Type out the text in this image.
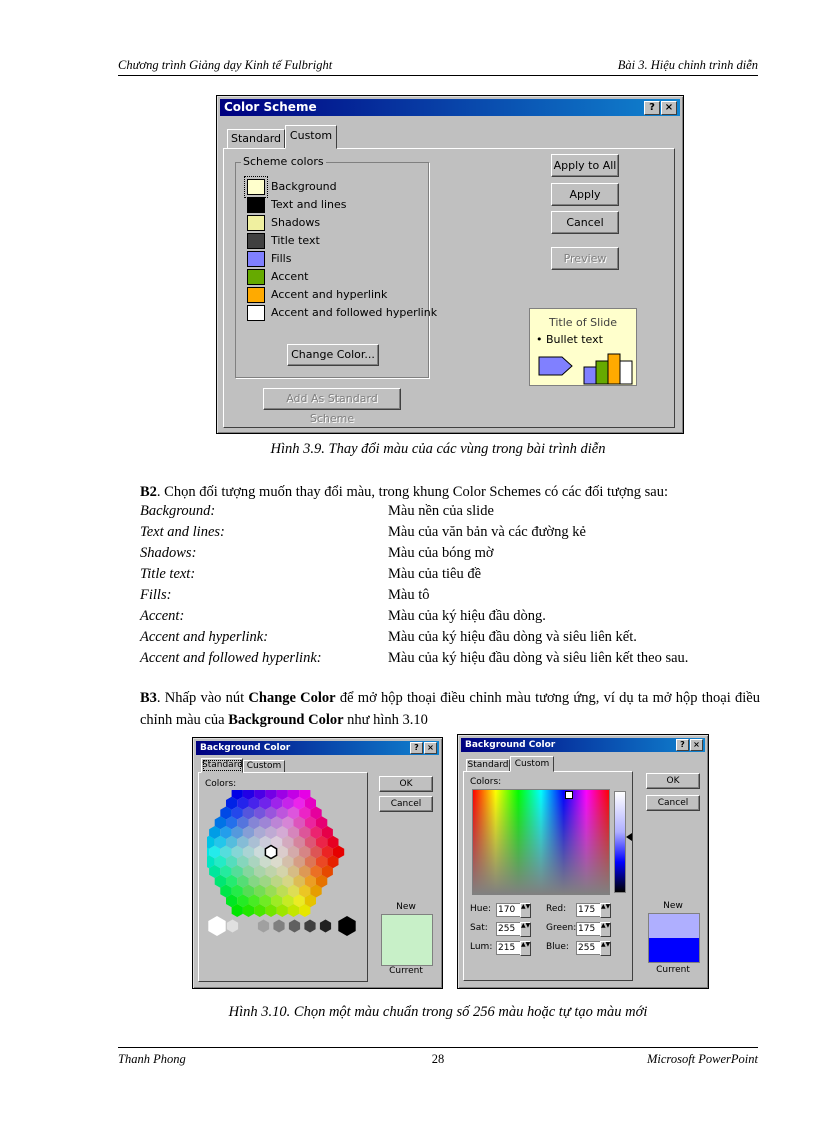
Chương trình Giảng dạy Kinh tế Fulbright	Bài 3. Hiệu chỉnh trình diễn
Color Scheme	? ×
Standard Custom
Scheme colors
Background
Text and lines
Shadows
Title text
Fills
Accent
Accent and hyperlink
Accent and followed hyperlink
Change Color...
Apply to All
Apply
Cancel
Preview
Add As Standard Scheme
Title of Slide
• Bullet text
Hình 3.9. Thay đổi màu của các vùng trong bài trình diễn
B2. Chọn đối tượng muốn thay đổi màu, trong khung Color Schemes có các đối tượng sau:
Background:	Màu nền của slide
Text and lines:	Màu của văn bản và các đường kẻ
Shadows:	Màu của bóng mờ
Title text:	Màu của tiêu đề
Fills:	Màu tô
Accent:	Màu của ký hiệu đầu dòng.
Accent and hyperlink:	Màu của ký hiệu đầu dòng và siêu liên kết.
Accent and followed hyperlink:	Màu của ký hiệu đầu dòng và siêu liên kết theo sau.
B3. Nhấp vào nút Change Color để mở hộp thoại điều chỉnh màu tương ứng, ví dụ ta mở hộp thoại điều chỉnh màu của Background Color như hình 3.10
Background Color	?	×
Standard Custom
Colors:	OK
Cancel
New
Current
Background Color	?	×
Standard Custom
Colors:
Hue: 170 ▲▼ Red: 175 ▲▼
Sat: 255 ▲▼ Green: 175 ▲▼
Lum: 215 ▲▼ Blue: 255 ▲▼
OK
Cancel
New
Current
Hình 3.10. Chọn một màu chuẩn trong số 256 màu hoặc tự tạo màu mới
Thanh Phong	28	Microsoft PowerPoint
